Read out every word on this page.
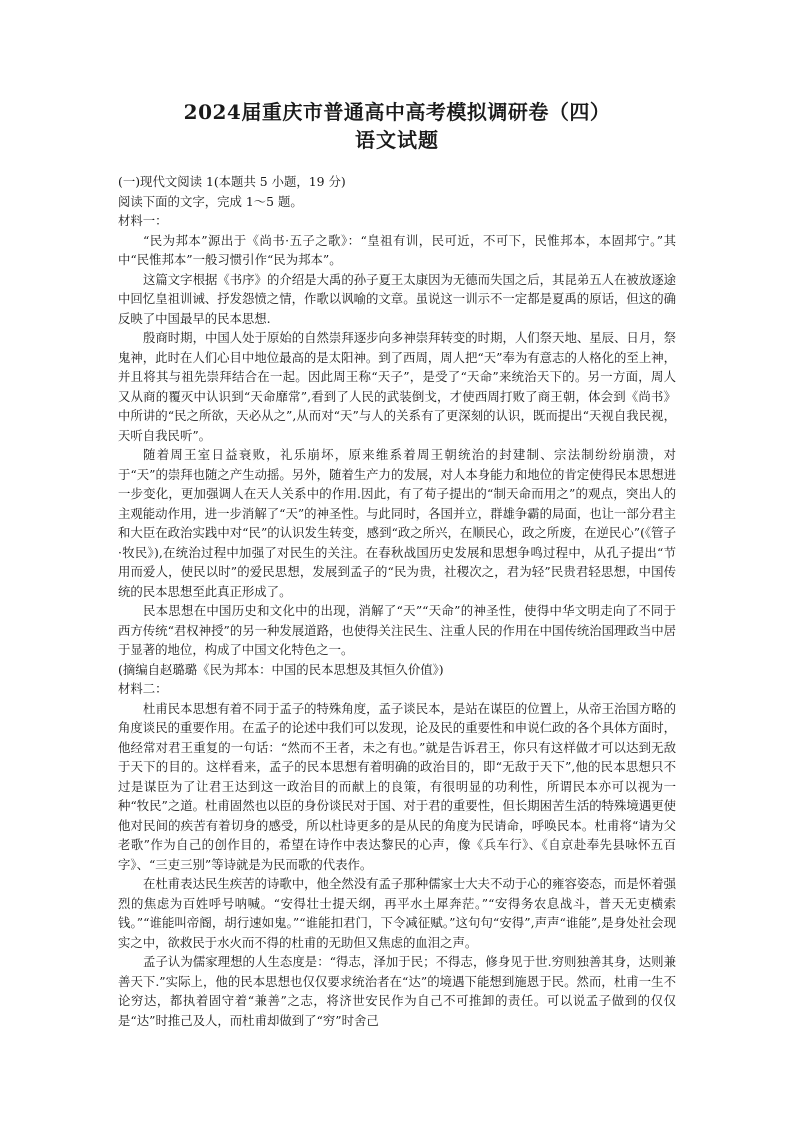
2024届重庆市普通高中高考模拟调研卷（四）
语文试题

(一)现代文阅读 1(本题共 5 小题，19 分)

阅读下面的文字，完成 1～5 题。

材料一：

“民为邦本”源出于《尚书·五子之歌》：“皇祖有训，民可近，不可下，民惟邦本，本固邦宁。”其中“民惟邦本”一般习惯引作“民为邦本”。

这篇文字根据《书序》的介绍是大禹的孙子夏王太康因为无德而失国之后，其昆弟五人在被放逐途中回忆皇祖训诫、抒发怨愤之情，作歌以讽喻的文章。虽说这一训示不一定都是夏禹的原话，但这的确反映了中国最早的民本思想.

殷商时期，中国人处于原始的自然崇拜逐步向多神崇拜转变的时期，人们祭天地、星辰、日月，祭鬼神，此时在人们心目中地位最高的是太阳神。到了西周，周人把“天”奉为有意志的人格化的至上神，并且将其与祖先崇拜结合在一起。因此周王称“天子”，是受了“天命”来统治天下的。另一方面，周人又从商的覆灭中认识到“天命靡常”,看到了人民的武装倒戈，才使西周打败了商王朝，体会到《尚书》中所讲的“民之所欲，天必从之”,从而对“天”与人的关系有了更深刻的认识，既而提出“天视自我民视，天听自我民听”。

随着周王室日益衰败，礼乐崩坏，原来维系着周王朝统治的封建制、宗法制纷纷崩溃，对于“天”的崇拜也随之产生动摇。另外，随着生产力的发展，对人本身能力和地位的肯定使得民本思想进一步变化，更加强调人在天人关系中的作用.因此，有了荀子提出的“制天命而用之”的观点，突出人的主观能动作用，进一步消解了“天”的神圣性。与此同时，各国并立，群雄争霸的局面，也让一部分君主和大臣在政治实践中对“民”的认识发生转变，感到“政之所兴，在顺民心，政之所废，在逆民心”(《管子·牧民》),在统治过程中加强了对民生的关注。在春秋战国历史发展和思想争鸣过程中，从孔子提出“节用而爱人，使民以时”的爱民思想，发展到孟子的“民为贵，社稷次之，君为轻”民贵君轻思想，中国传统的民本思想至此真正形成了。

民本思想在中国历史和文化中的出现，消解了“天”“天命”的神圣性，使得中华文明走向了不同于西方传统“君权神授”的另一种发展道路，也使得关注民生、注重人民的作用在中国传统治国理政当中居于显著的地位，构成了中国文化特色之一。

(摘编自赵璐璐《民为邦本：中国的民本思想及其恒久价值》)

材料二：

杜甫民本思想有着不同于孟子的特殊角度，孟子谈民本，是站在谋臣的位置上，从帝王治国方略的角度谈民的重要作用。在孟子的论述中我们可以发现，论及民的重要性和申说仁政的各个具体方面时，他经常对君王重复的一句话：“然而不王者，未之有也。”就是告诉君王，你只有这样做才可以达到无敌于天下的目的。这样看来，孟子的民本思想有着明确的政治目的，即“无敌于天下”,他的民本思想只不过是谋臣为了让君王达到这一政治目的而献上的良策，有很明显的功利性，所谓民本亦可以视为一种“牧民”之道。杜甫固然也以臣的身份谈民对于国、对于君的重要性，但长期困苦生活的特殊境遇更使他对民间的疾苦有着切身的感受，所以杜诗更多的是从民的角度为民请命，呼唤民本。杜甫将“请为父老歌”作为自己的创作目的，希望在诗作中表达黎民的心声，像《兵车行》、《自京赴奉先县咏怀五百字》、“三吏三别”等诗就是为民而歌的代表作。

在杜甫表达民生疾苦的诗歌中，他全然没有孟子那种儒家士大夫不动于心的雍容姿态，而是怀着强烈的焦虑为百姓呼号呐喊。“安得壮士提天纲，再平水土犀奔茫。”“安得务农息战斗，普天无吏横索钱。”“谁能叫帝阍，胡行速如鬼。”“谁能扣君门，下令减征赋。”这句句“安得”,声声“谁能”,是身处社会现实之中，欲救民于水火而不得的杜甫的无助但又焦虑的血泪之声。

孟子认为儒家理想的人生态度是：“得志，泽加于民；不得志，修身见于世.穷则独善其身，达则兼善天下.”实际上，他的民本思想也仅仅要求统治者在“达”的境遇下能想到施恩于民。然而，杜甫一生不论穷达，都执着固守着“兼善”之志，将济世安民作为自己不可推卸的责任。可以说孟子做到的仅仅是“达”时推己及人，而杜甫却做到了“穷”时舍己
